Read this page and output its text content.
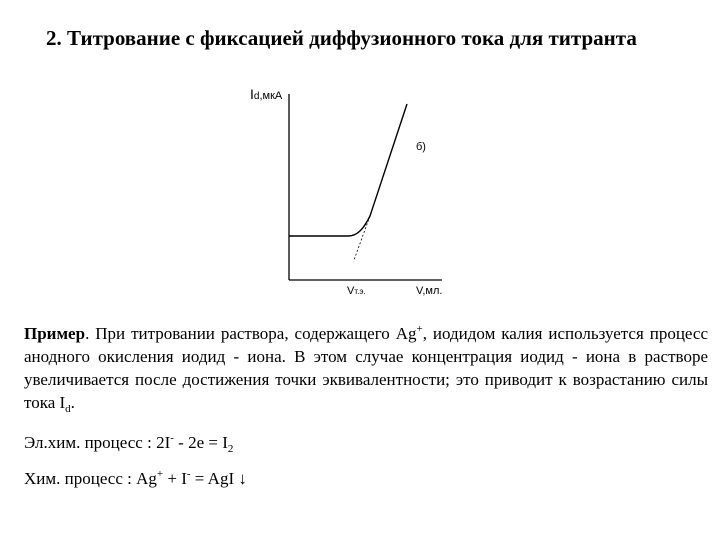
2. Титрование с фиксацией диффузионного тока для титранта
Id,мкА
б)
Vт.э.	V,мл.
Пример. При титровании раствора, содержащего Ag+, иодидом калия используется процесс анодного окисления иодид - иона. В этом случае концентрация иодид - иона в растворе увеличивается после достижения точки эквивалентности; это приводит к возрастанию силы тока $I_d$.
Эл.хим. процесс : $2I^- - 2e = I_2$
Хим. процесс : Ag+ + I- = AgI ↓
